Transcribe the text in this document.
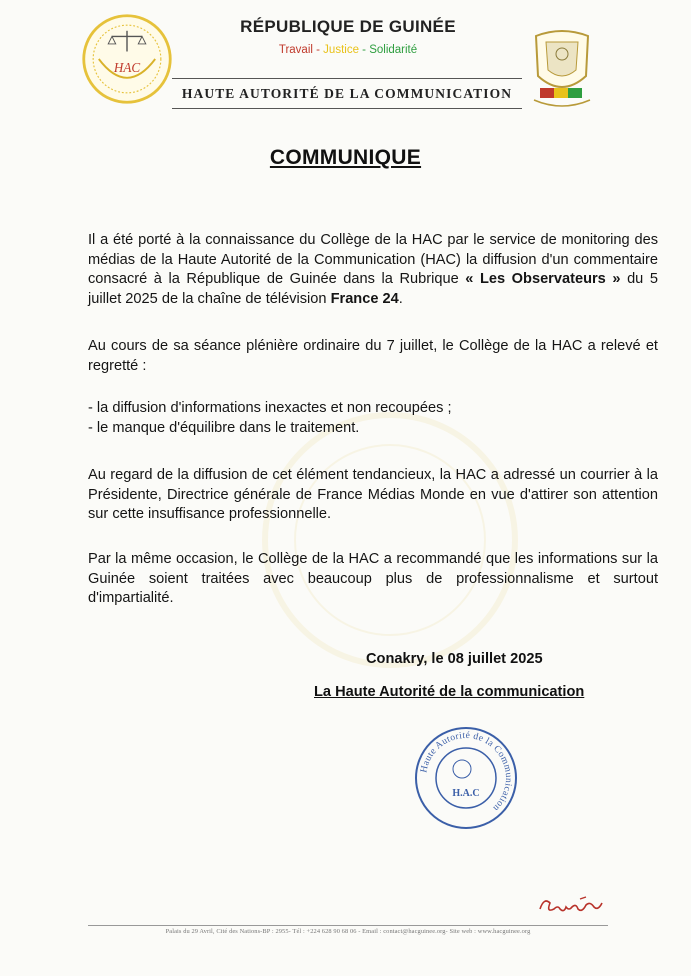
HAC
RÉPUBLIQUE DE GUINÉE
Travail - Justice - Solidarité
HAUTE AUTORITÉ DE LA COMMUNICATION
COMMUNIQUE

Il a été porté à la connaissance du Collège de la HAC par le service de monitoring des médias de la Haute Autorité de la Communication (HAC) la diffusion d'un commentaire consacré à la République de Guinée dans la Rubrique « Les Observateurs » du 5 juillet 2025 de la chaîne de télévision France 24.

Au cours de sa séance plénière ordinaire du 7 juillet, le Collège de la HAC a relevé et regretté :
- la diffusion d'informations inexactes et non recoupées ;
- le manque d'équilibre dans le traitement.
Au regard de la diffusion de cet élément tendancieux, la HAC a adressé un courrier à la Présidente, Directrice générale de France Médias Monde en vue d'attirer son attention sur cette insuffisance professionnelle.
Par la même occasion, le Collège de la HAC a recommandé que les informations sur la Guinée soient traitées avec beaucoup plus de professionnalisme et surtout d'impartialité.
Conakry, le 08 juillet 2025
La Haute Autorité de la communication
Haute Autorité de la Communication
H.A.C
Palais du 29 Avril, Cité des Nations-BP : 2955- Tél : +224 628 90 68 06 - Email : contact@hacguinee.org- Site web : www.hacguinee.org
